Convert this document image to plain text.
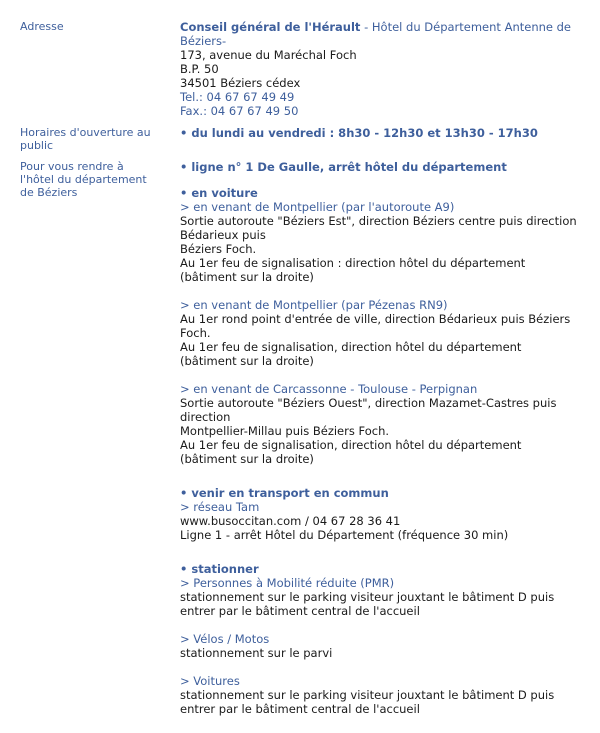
Adresse	Conseil général de l'Hérault - Hôtel du Département Antenne de Béziers-
173, avenue du Maréchal Foch
B.P. 50
34501 Béziers cédex
Tel.: 04 67 67 49 49
Fax.: 04 67 67 49 50
Horaires d'ouverture au public
• du lundi au vendredi : 8h30 - 12h30 et 13h30 - 17h30
Pour vous rendre à l'hôtel du département de Béziers
• ligne n° 1 De Gaulle, arrêt hôtel du département
• en voiture
> en venant de Montpellier (par l'autoroute A9)
Sortie autoroute "Béziers Est", direction Béziers centre puis direction Bédarieux puis
Béziers Foch.
Au 1er feu de signalisation : direction hôtel du département (bâtiment sur la droite)
> en venant de Montpellier (par Pézenas RN9)
Au 1er rond point d'entrée de ville, direction Bédarieux puis Béziers Foch.
Au 1er feu de signalisation, direction hôtel du département (bâtiment sur la droite)
> en venant de Carcassonne - Toulouse - Perpignan
Sortie autoroute "Béziers Ouest", direction Mazamet-Castres puis direction
Montpellier-Millau puis Béziers Foch.
Au 1er feu de signalisation, direction hôtel du département (bâtiment sur la droite)
• venir en transport en commun
> réseau Tam
www.busoccitan.com / 04 67 28 36 41
Ligne 1 - arrêt Hôtel du Département (fréquence 30 min)
• stationner
> Personnes à Mobilité réduite (PMR)
stationnement sur le parking visiteur jouxtant le bâtiment D puis entrer par le bâtiment central de l'accueil
> Vélos / Motos
stationnement sur le parvi
> Voitures
stationnement sur le parking visiteur jouxtant le bâtiment D puis entrer par le bâtiment central de l'accueil
